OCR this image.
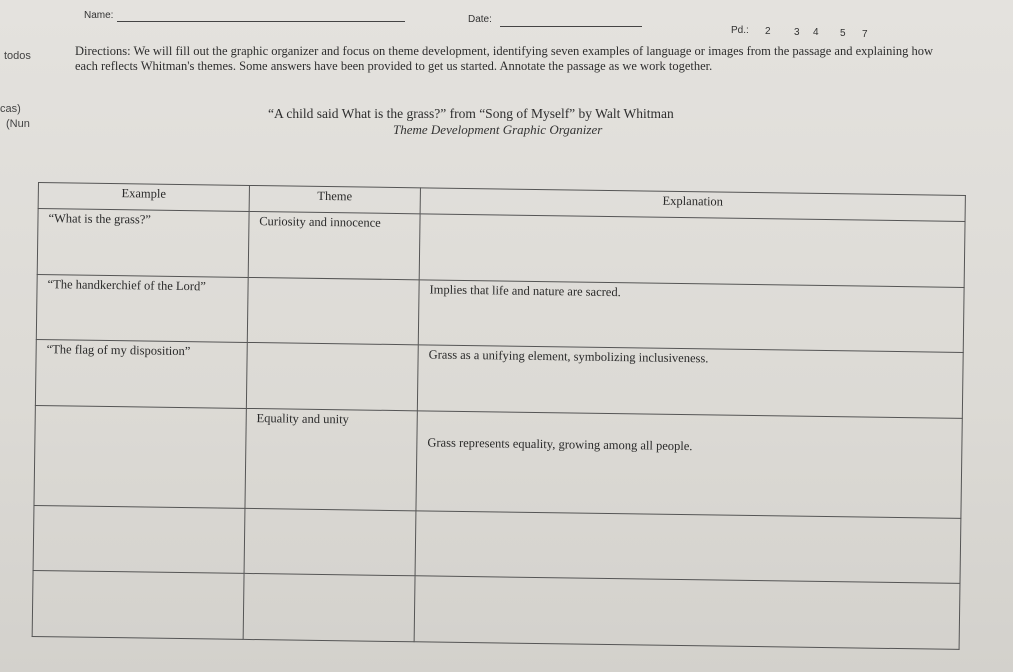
todos
cas)
(Nun
Name:	Date:
Pd.: 2 3 4 5 7
Directions: We will fill out the graphic organizer and focus on theme development, identifying seven examples of language or images from the passage and explaining how each reflects Whitman's themes. Some answers have been provided to get us started. Annotate the passage as we work together.
“A child said What is the grass?” from “Song of Myself” by Walt Whitman
Theme Development Graphic Organizer
Example	Theme	Explanation
“What is the grass?”	Curiosity and innocence	
“The handkerchief of the Lord”		Implies that life and nature are sacred.
“The flag of my disposition”		Grass as a unifying element, symbolizing inclusiveness.
	Equality and unity	Grass represents equality, growing among all people.
